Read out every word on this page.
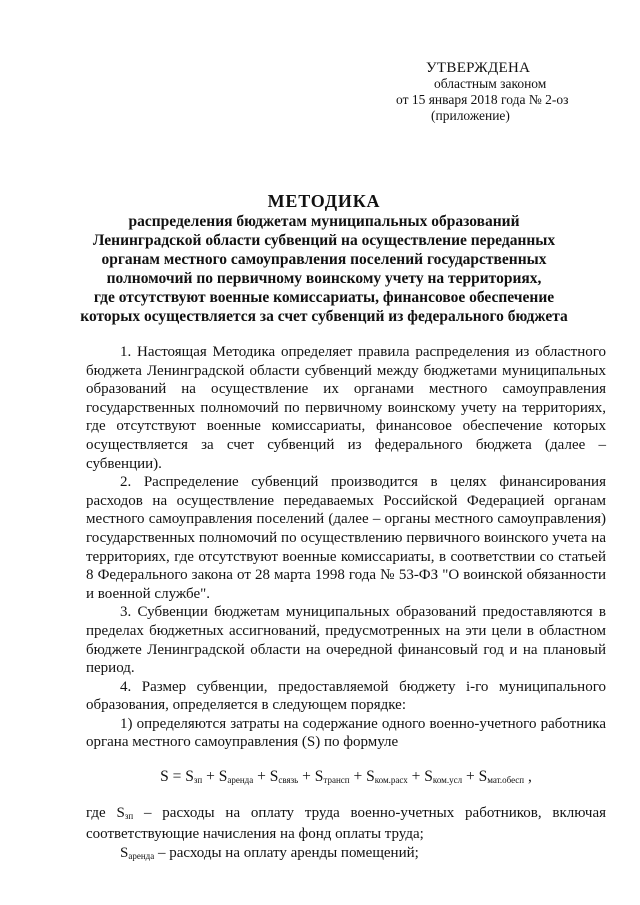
УТВЕРЖДЕНА
областным законом
от 15 января 2018 года № 2-оз
(приложение)
МЕТОДИКА
распределения бюджетам муниципальных образований
Ленинградской области субвенций на осуществление переданных
органам местного самоуправления поселений государственных
полномочий по первичному воинскому учету на территориях,
где отсутствуют военные комиссариаты, финансовое обеспечение
которых осуществляется за счет субвенций из федерального бюджета

1. Настоящая Методика определяет правила распределения из областного бюджета Ленинградской области субвенций между бюджетами муниципальных образований на осуществление их органами местного самоуправления государственных полномочий по первичному воинскому учету на территориях, где отсутствуют военные комиссариаты, финансовое обеспечение которых осуществляется за счет субвенций из федерального бюджета (далее – субвенции).

2. Распределение субвенций производится в целях финансирования расходов на осуществление передаваемых Российской Федерацией органам местного самоуправления поселений (далее – органы местного самоуправления) государственных полномочий по осуществлению первичного воинского учета на территориях, где отсутствуют военные комиссариаты, в соответствии со статьей 8 Федерального закона от 28 марта 1998 года № 53-ФЗ "О воинской обязанности и военной службе".

3. Субвенции бюджетам муниципальных образований предоставляются в пределах бюджетных ассигнований, предусмотренных на эти цели в областном бюджете Ленинградской области на очередной финансовый год и на плановый период.

4. Размер субвенции, предоставляемой бюджету i-го муниципального образования, определяется в следующем порядке:

1) определяются затраты на содержание одного военно-учетного работника органа местного самоуправления (S) по формуле

$S = S_{зп} + S_{аренда} + S_{связь} + S_{трансп} + S_{ком.расх} + S_{ком.усл} + S_{мат.обесп}$ ,

где Sзп – расходы на оплату труда военно-учетных работников, включая соответствующие начисления на фонд оплаты труда;

Sаренда – расходы на оплату аренды помещений;
